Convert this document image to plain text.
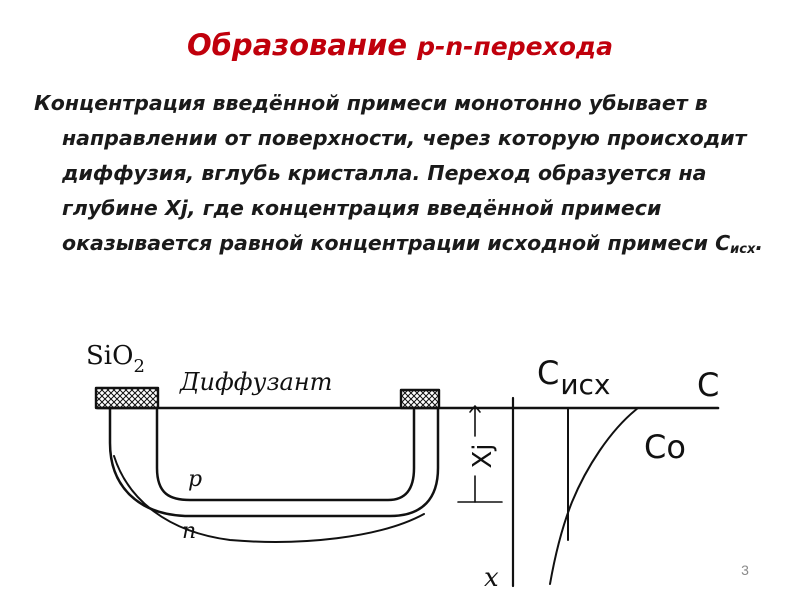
Образование p-n-перехода

Концентрация введённой примеси монотонно убывает в направлении от поверхности, через которую происходит диффузия, вглубь кристалла. Переход образуется на глубине Xj, где концентрация введённой примеси оказывается равной концентрации исходной примеси $C_{исх}$.

SiO$_2$
Диффузант
p
n
Xj
Cисх	C
Co
x	3
